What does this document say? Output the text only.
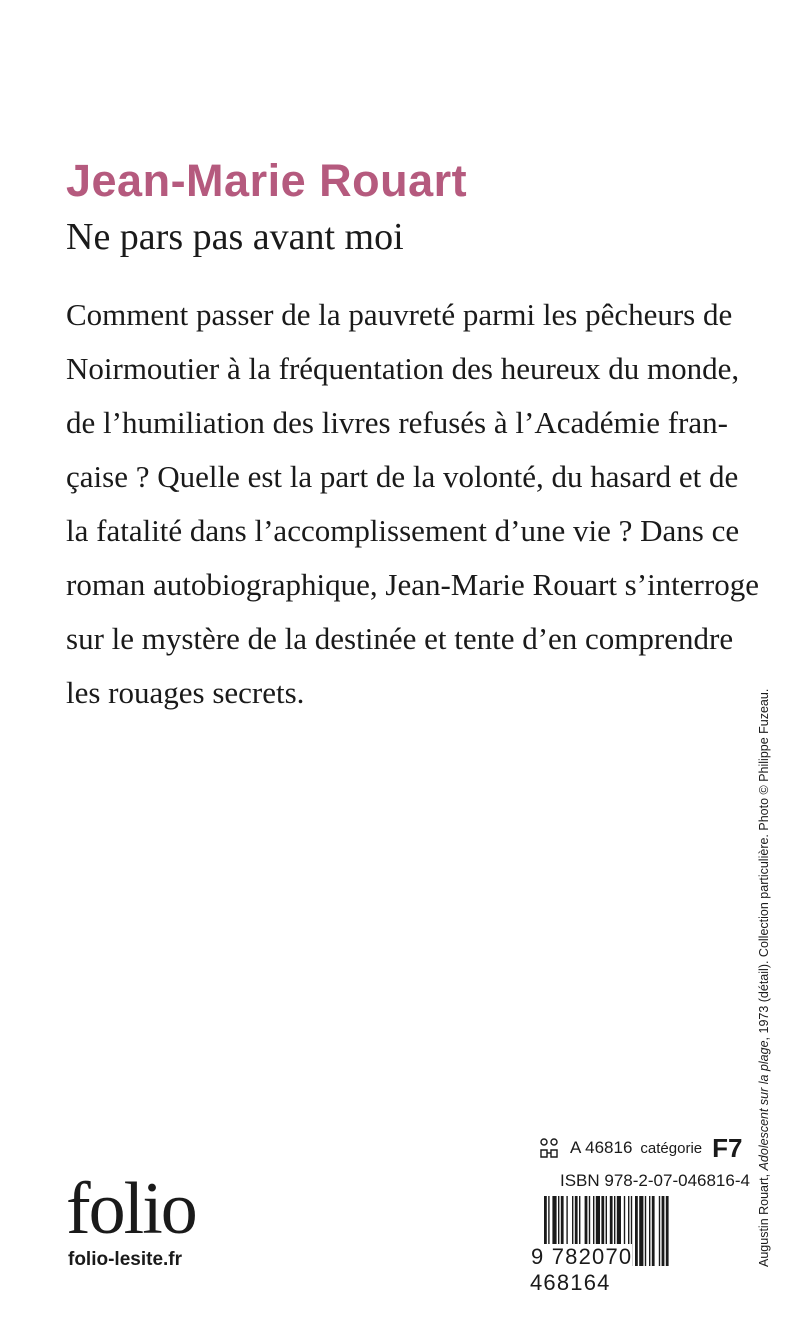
Jean-Marie Rouart
Ne pars pas avant moi
Comment passer de la pauvreté parmi les pêcheurs de
Noirmoutier à la fréquentation des heureux du monde,
de l’humiliation des livres refusés à l’Académie fran-
çaise ? Quelle est la part de la volonté, du hasard et de
la fatalité dans l’accomplissement d’une vie ? Dans ce
roman autobiographique, Jean-Marie Rouart s’interroge
sur le mystère de la destinée et tente d’en comprendre
les rouages secrets.
Augustin Rouart, Adolescent sur la plage, 1973 (détail). Collection particulière. Photo © Philippe Fuzeau.
A 46816 catégorie F7
ISBN 978-2-07-046816-4
9 782070 468164
folio
folio-lesite.fr
